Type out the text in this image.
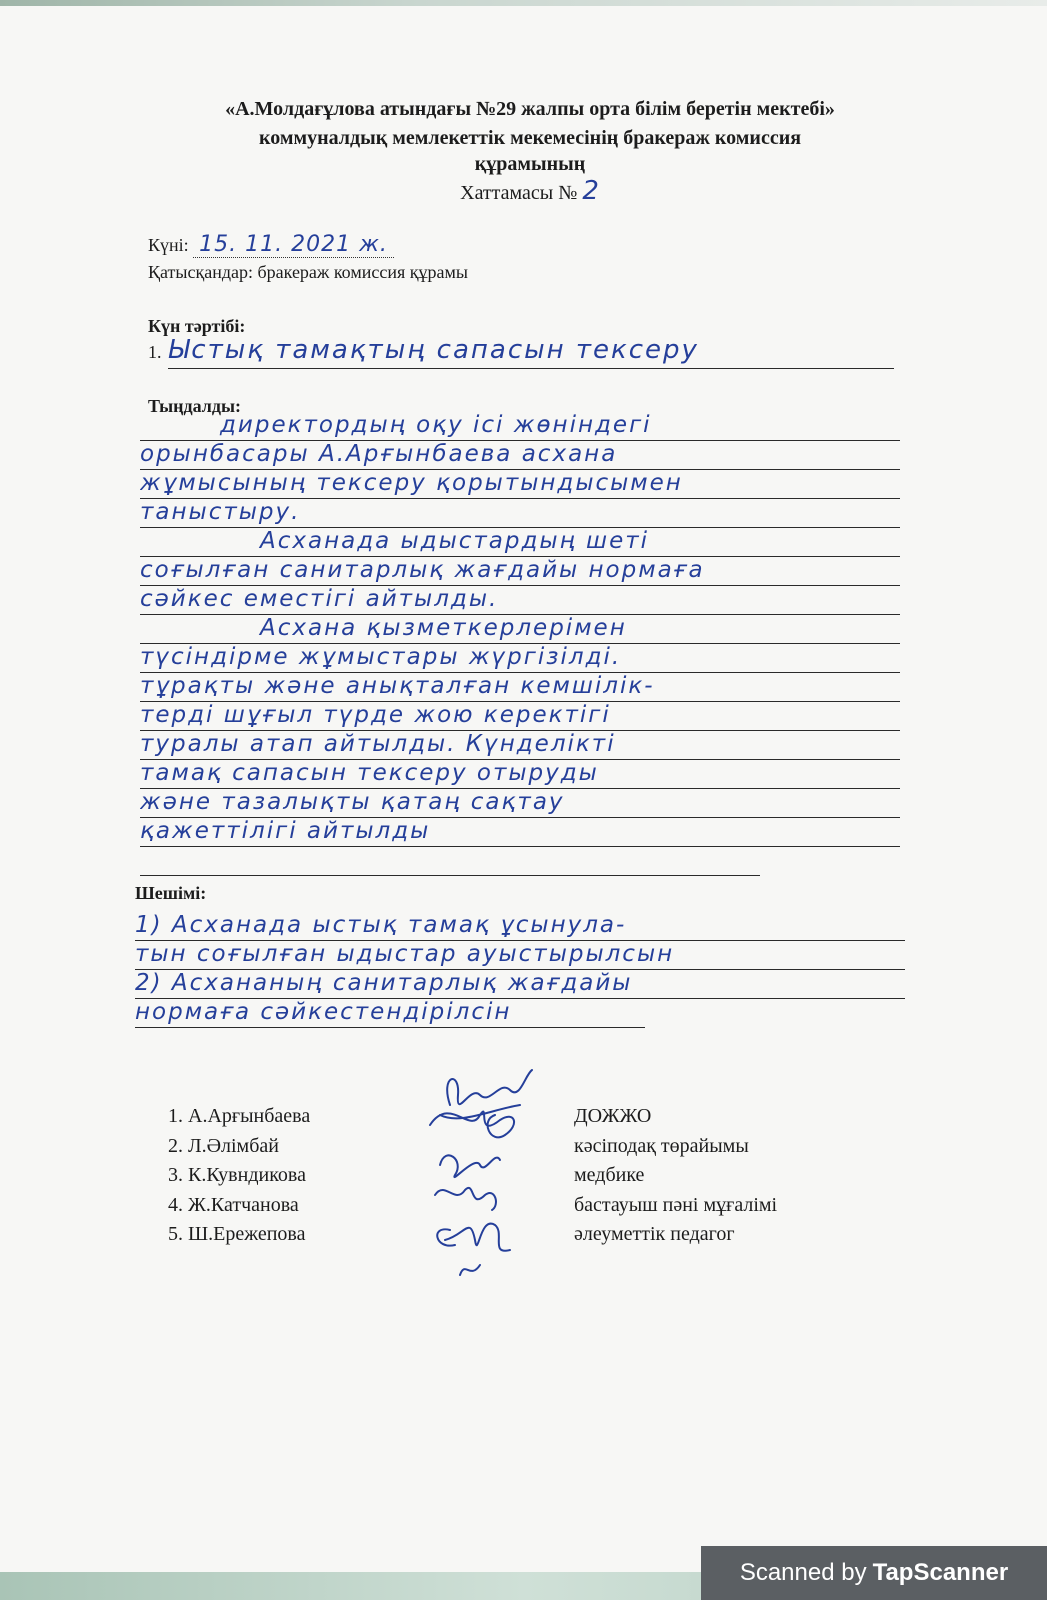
«А.Молдағұлова атындағы №29 жалпы орта білім беретін мектебі»
коммуналдық мемлекеттік мекемесінің бракераж комиссия
құрамының
Хаттамасы № 2
Күні: 15. 11. 2021 ж.
Қатысқандар: бракераж комиссия құрамы
Күн тәртібі:
1. Ыстық тамақтың сапасын тексеру
Тыңдалды:
директордың оқу ісі жөніндегі
орынбасары А.Арғынбаева асхана
жұмысының тексеру қорытындысымен
таныстыру.
Асханада ыдыстардың шеті
соғылған санитарлық жағдайы нормаға
сәйкес еместігі айтылды.
Асхана қызметкерлерімен
түсіндірме жұмыстары жүргізілді.
тұрақты және анықталған кемшілік-
терді шұғыл түрде жою керектігі
туралы атап айтылды. Күнделікті
тамақ сапасын тексеру отыруды
және тазалықты қатаң сақтау
қажеттілігі айтылды
Шешімі:
1) Асханада ыстық тамақ ұсынула-
тын соғылған ыдыстар ауыстырылсын
2) Асхананың санитарлық жағдайы
нормаға сәйкестендірілсін
1. А.Арғынбаева
2. Л.Әлімбай
3. К.Кувндикова
4. Ж.Катчанова
5. Ш.Ережепова
ДОЖЖО
кәсіподақ төрайымы
медбике
бастауыш пәні мұғалімі
әлеуметтік педагог
Scanned by TapScanner
